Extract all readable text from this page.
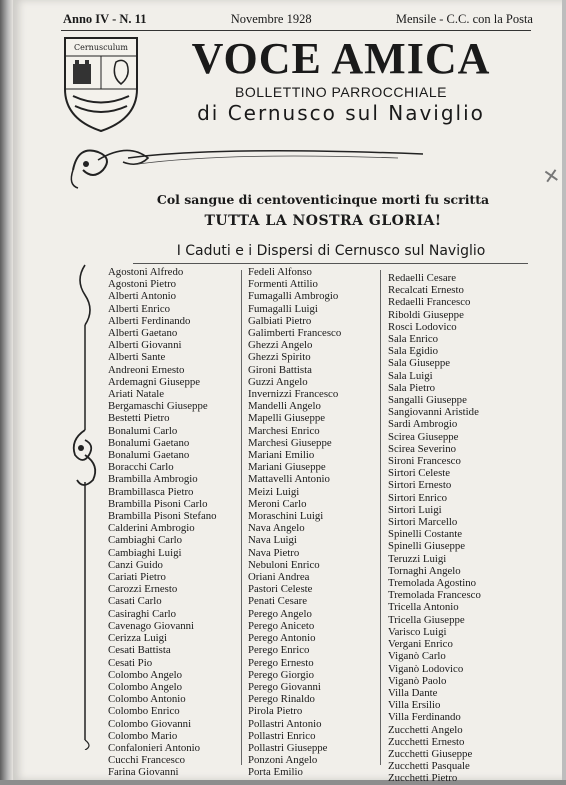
Anno IV - N. 11	Novembre 1928	Mensile - C.C. con la Posta
Cernusculum	VOCE AMICA
BOLLETTINO PARROCCHIALE
di Cernusco sul Naviglio
✕
Col sangue di centoventicinque morti fu scritta
TUTTA LA NOSTRA GLORIA!
I Caduti e i Dispersi di Cernusco sul Naviglio
Agostoni Alfredo
Agostoni Pietro
Alberti Antonio
Alberti Enrico
Alberti Ferdinando
Alberti Gaetano
Alberti Giovanni
Alberti Sante
Andreoni Ernesto
Ardemagni Giuseppe
Ariati Natale
Bergamaschi Giuseppe
Bestetti Pietro
Bonalumi Carlo
Bonalumi Gaetano
Bonalumi Gaetano
Boracchi Carlo
Brambilla Ambrogio
Brambillasca Pietro
Brambilla Pisoni Carlo
Brambilla Pisoni Stefano
Calderini Ambrogio
Cambiaghi Carlo
Cambiaghi Luigi
Canzi Guido
Cariati Pietro
Carozzi Ernesto
Casati Carlo
Casiraghi Carlo
Cavenago Giovanni
Cerizza Luigi
Cesati Battista
Cesati Pio
Colombo Angelo
Colombo Angelo
Colombo Antonio
Colombo Enrico
Colombo Giovanni
Colombo Mario
Confalonieri Antonio
Cucchi Francesco
Farina Giovanni
Fedeli Alfonso
Formenti Attilio
Fumagalli Ambrogio
Fumagalli Luigi
Galbiati Pietro
Galimberti Francesco
Ghezzi Angelo
Ghezzi Spirito
Gironi Battista
Guzzi Angelo
Invernizzi Francesco
Mandelli Angelo
Mapelli Giuseppe
Marchesi Enrico
Marchesi Giuseppe
Mariani Emilio
Mariani Giuseppe
Mattavelli Antonio
Meizi Luigi
Meroni Carlo
Moraschini Luigi
Nava Angelo
Nava Luigi
Nava Pietro
Nebuloni Enrico
Oriani Andrea
Pastori Celeste
Penati Cesare
Perego Angelo
Perego Aniceto
Perego Antonio
Perego Enrico
Perego Ernesto
Perego Giorgio
Perego Giovanni
Perego Rinaldo
Pirola Pietro
Pollastri Antonio
Pollastri Enrico
Pollastri Giuseppe
Ponzoni Angelo
Porta Emilio
Redaelli Cesare
Recalcati Ernesto
Redaelli Francesco
Riboldi Giuseppe
Rosci Lodovico
Sala Enrico
Sala Egidio
Sala Giuseppe
Sala Luigi
Sala Pietro
Sangalli Giuseppe
Sangiovanni Aristide
Sardi Ambrogio
Scirea Giuseppe
Scirea Severino
Sironi Francesco
Sirtori Celeste
Sirtori Ernesto
Sirtori Enrico
Sirtori Luigi
Sirtori Marcello
Spinelli Costante
Spinelli Giuseppe
Teruzzi Luigi
Tornaghi Angelo
Tremolada Agostino
Tremolada Francesco
Tricella Antonio
Tricella Giuseppe
Varisco Luigi
Vergani Enrico
Viganò Carlo
Viganò Lodovico
Viganò Paolo
Villa Dante
Villa Ersilio
Villa Ferdinando
Zucchetti Angelo
Zucchetti Ernesto
Zucchetti Giuseppe
Zucchetti Pasquale
Zucchetti Pietro
